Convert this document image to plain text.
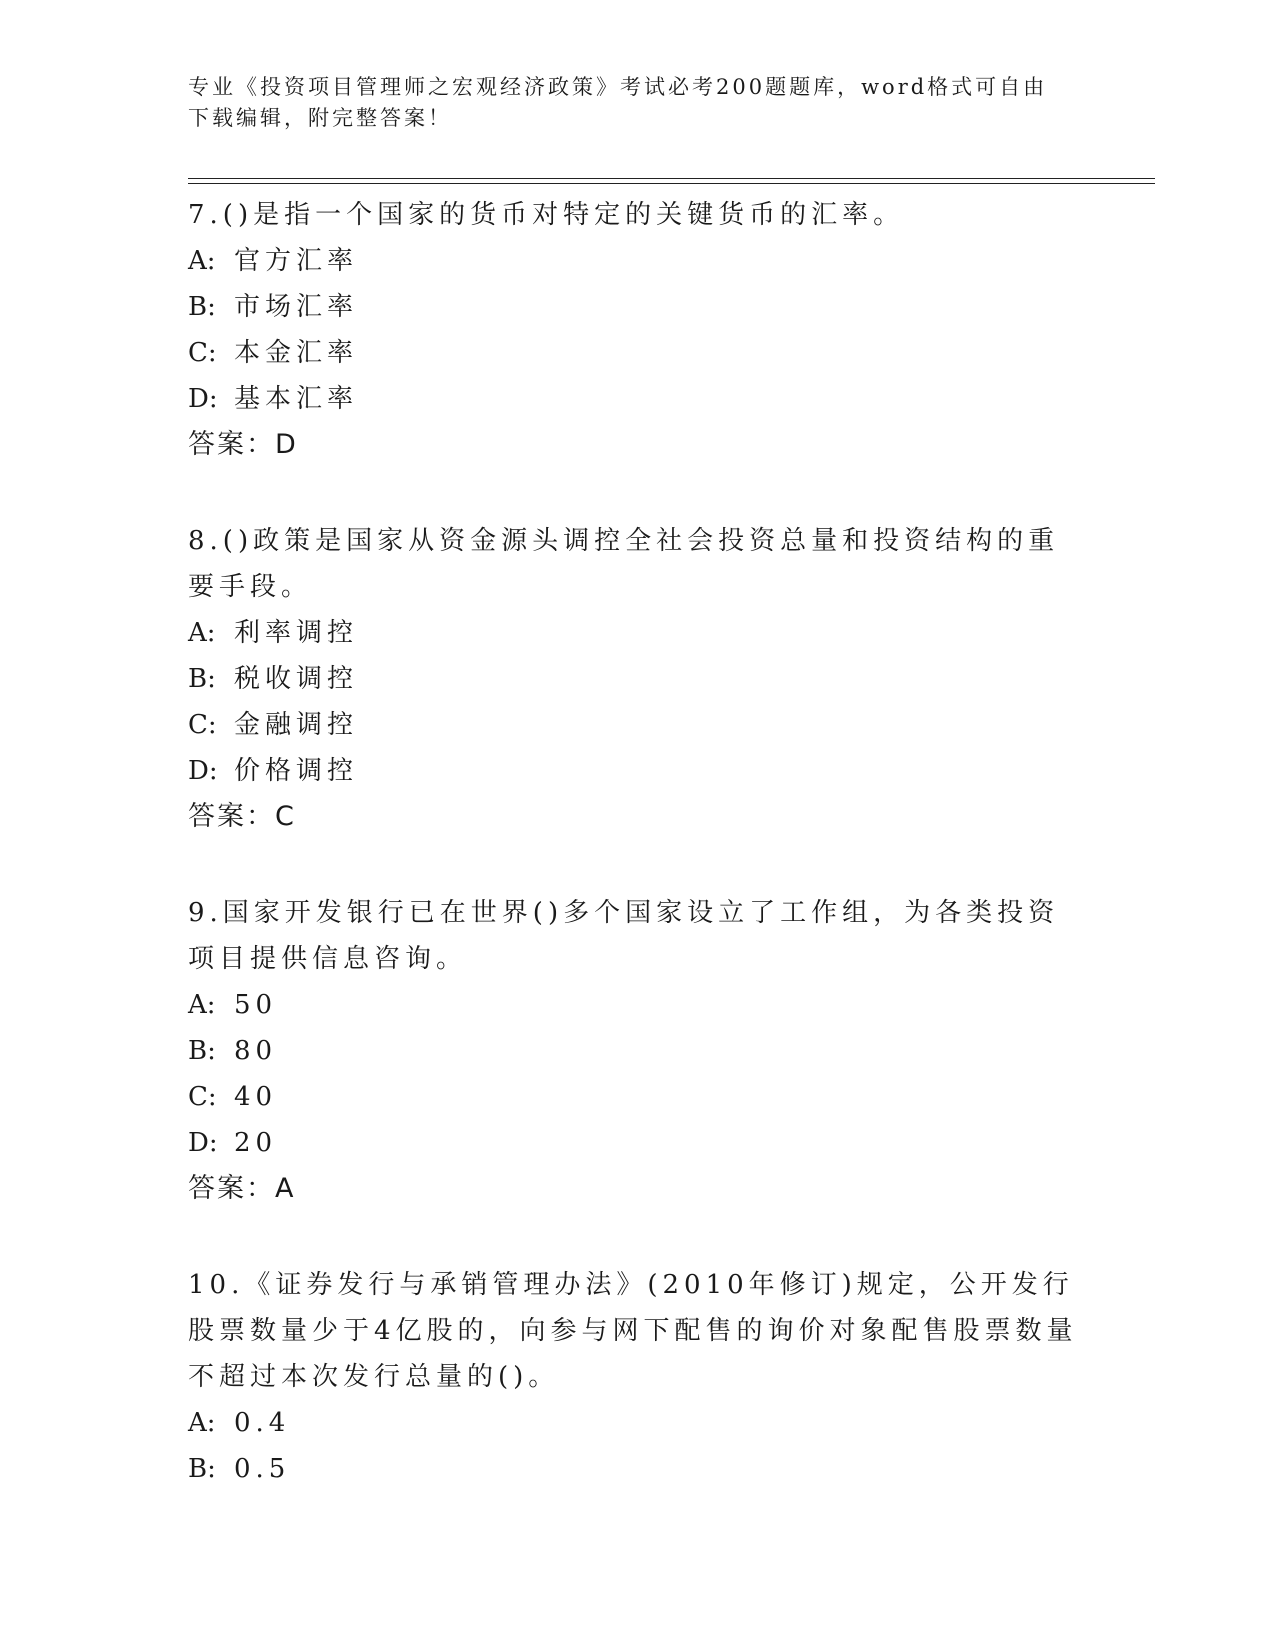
专业《投资项目管理师之宏观经济政策》考试必考200题题库，word格式可自由下载编辑，附完整答案！
7.()是指一个国家的货币对特定的关键货币的汇率。
A: 官方汇率
B: 市场汇率
C: 本金汇率
D: 基本汇率
答案：D
8.()政策是国家从资金源头调控全社会投资总量和投资结构的重要手段。
A: 利率调控
B: 税收调控
C: 金融调控
D: 价格调控
答案：C
9.国家开发银行已在世界()多个国家设立了工作组，为各类投资项目提供信息咨询。
A: 50
B: 80
C: 40
D: 20
答案：A
10.《证券发行与承销管理办法》(2010年修订)规定，公开发行股票数量少于4亿股的，向参与网下配售的询价对象配售股票数量不超过本次发行总量的()。
A: 0.4
B: 0.5
